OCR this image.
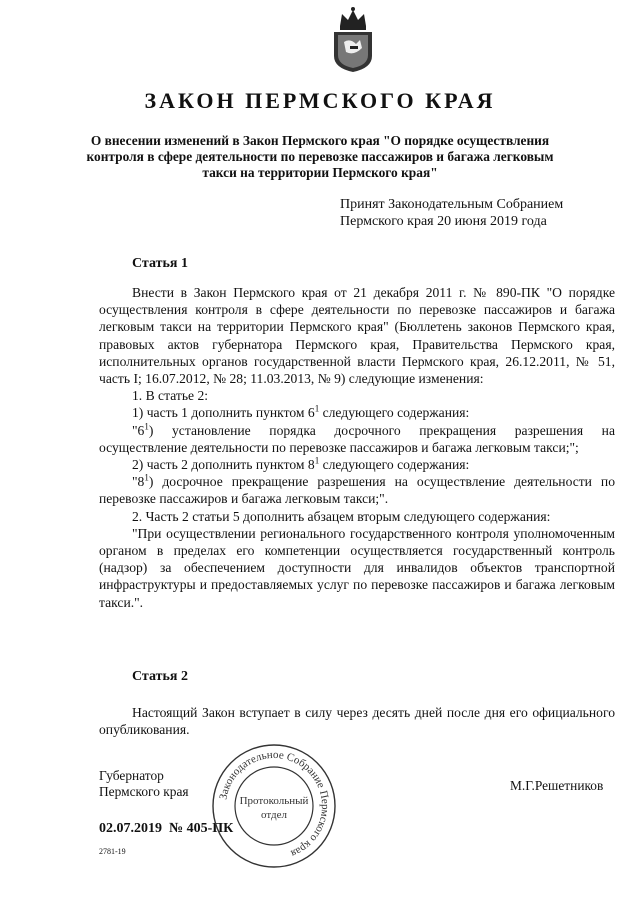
ЗАКОН ПЕРМСКОГО КРАЯ
О внесении изменений в Закон Пермского края "О порядке осуществления контроля в сфере деятельности по перевозке пассажиров и багажа легковым такси на территории Пермского края"
Принят Законодательным Собранием
Пермского края 20 июня 2019 года
Статья 1

Внести в Закон Пермского края от 21 декабря 2011 г. № 890-ПК "О порядке осуществления контроля в сфере деятельности по перевозке пассажиров и багажа легковым такси на территории Пермского края" (Бюллетень законов Пермского края, правовых актов губернатора Пермского края, Правительства Пермского края, исполнительных органов государственной власти Пермского края, 26.12.2011, № 51, часть I; 16.07.2012, № 28; 11.03.2013, № 9) следующие изменения:

1. В статье 2:

1) часть 1 дополнить пунктом $6^1$ следующего содержания:

"$6^1$) установление порядка досрочного прекращения разрешения на осуществление деятельности по перевозке пассажиров и багажа легковым такси;";

2) часть 2 дополнить пунктом $8^1$ следующего содержания:

"$8^1$) досрочное прекращение разрешения на осуществление деятельности по перевозке пассажиров и багажа легковым такси;".

2. Часть 2 статьи 5 дополнить абзацем вторым следующего содержания:

"При осуществлении регионального государственного контроля уполномоченным органом в пределах его компетенции осуществляется государственный контроль (надзор) за обеспечением доступности для инвалидов объектов транспортной инфраструктуры и предоставляемых услуг по перевозке пассажиров и багажа легковым такси.".

Статья 2

Настоящий Закон вступает в силу через десять дней после дня его официального опубликования.

Губернатор
Пермского края	М.Г.Решетников
02.07.2019 № 405-ПК
2781-19
Законодательное Собрание Пермского края
Протокольный
отдел
